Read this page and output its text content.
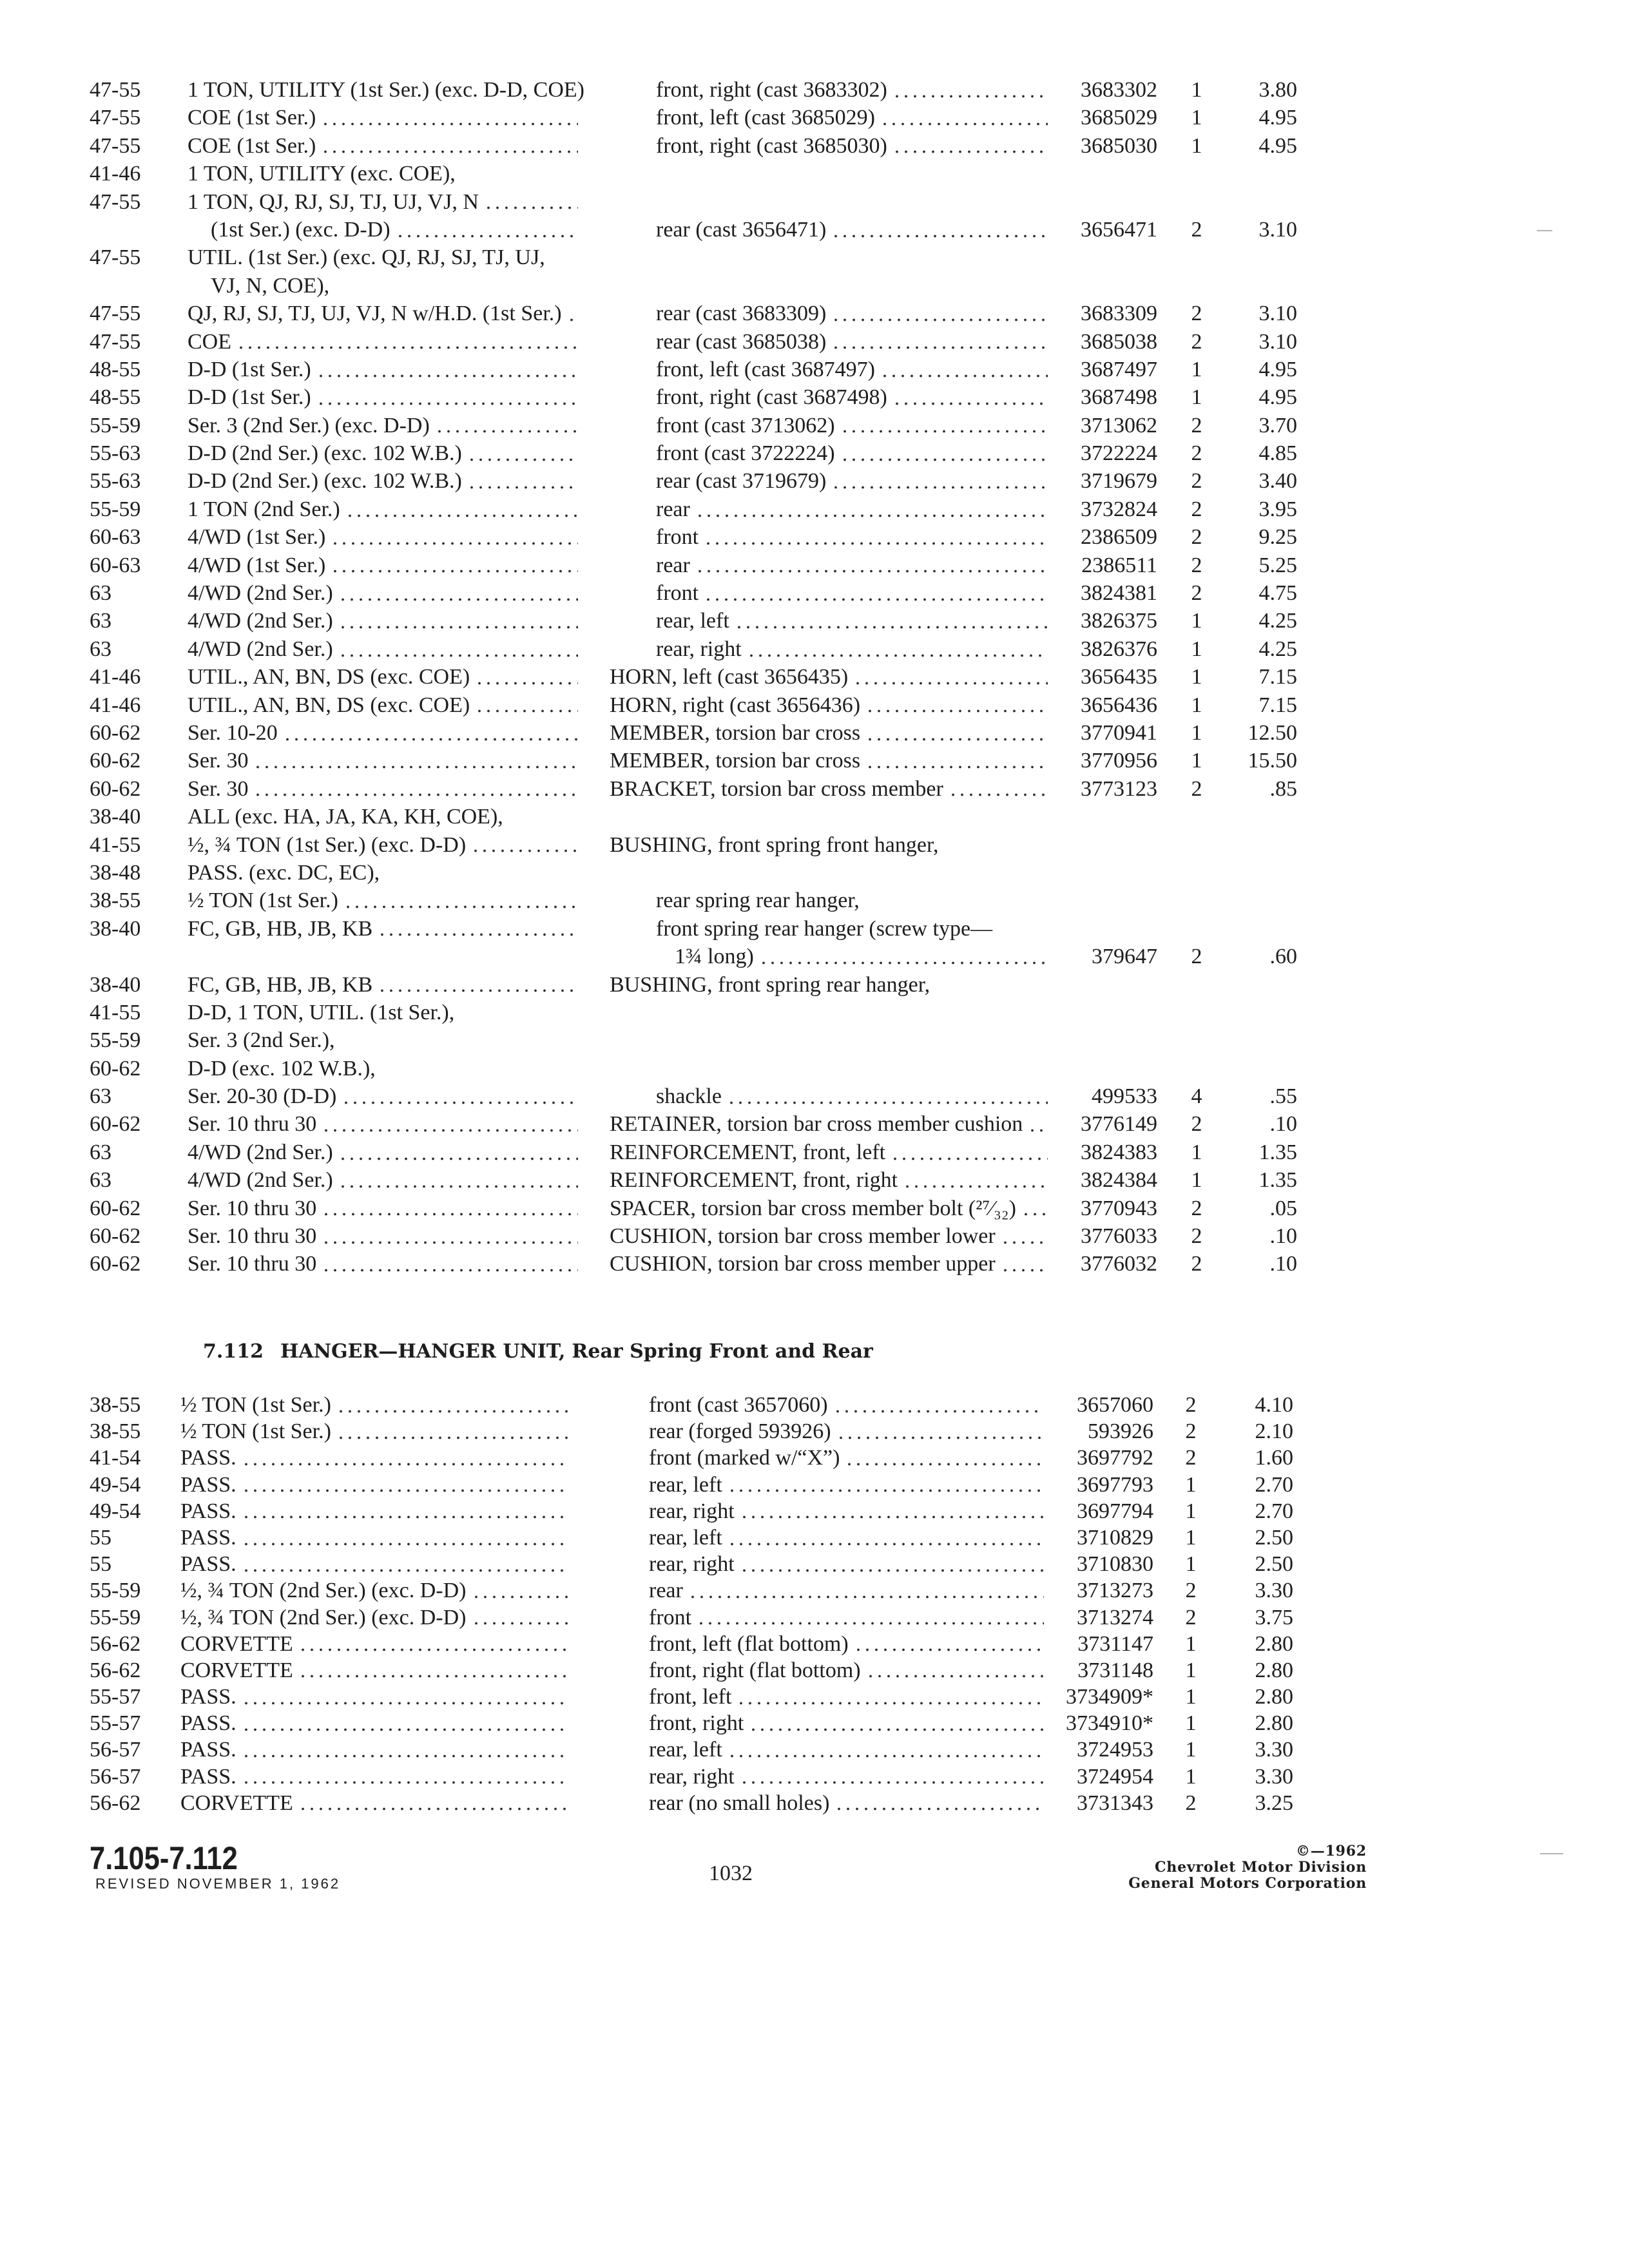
47-55 1 TON, UTILITY (1st Ser.) (exc. D-D, COE)	front, right (cast 3683302)	3683302	1	3.80
47-55 COE (1st Ser.)	front, left (cast 3685029)	3685029	1	4.95
47-55 COE (1st Ser.)	front, right (cast 3685030)	3685030	1	4.95
41-46 1 TON, UTILITY (exc. COE),
47-55 1 TON, QJ, RJ, SJ, TJ, UJ, VJ, N
(1st Ser.) (exc. D-D)	rear (cast 3656471)	3656471	2	3.10
47-55 UTIL. (1st Ser.) (exc. QJ, RJ, SJ, TJ, UJ,
VJ, N, COE),
47-55 QJ, RJ, SJ, TJ, UJ, VJ, N w/H.D. (1st Ser.)	rear (cast 3683309)	3683309	2	3.10
47-55 COE	rear (cast 3685038)	3685038	2	3.10
48-55 D-D (1st Ser.)	front, left (cast 3687497)	3687497	1	4.95
48-55 D-D (1st Ser.)	front, right (cast 3687498)	3687498	1	4.95
55-59 Ser. 3 (2nd Ser.) (exc. D-D)	front (cast 3713062)	3713062	2	3.70
55-63 D-D (2nd Ser.) (exc. 102 W.B.)	front (cast 3722224)	3722224	2	4.85
55-63 D-D (2nd Ser.) (exc. 102 W.B.)	rear (cast 3719679)	3719679	2	3.40
55-59 1 TON (2nd Ser.)	rear	3732824	2	3.95
60-63 4/WD (1st Ser.)	front	2386509	2	9.25
60-63 4/WD (1st Ser.)	rear	2386511	2	5.25
63	4/WD (2nd Ser.)	front	3824381	2	4.75
63	4/WD (2nd Ser.)	rear, left	3826375	1	4.25
63	4/WD (2nd Ser.)	rear, right	3826376	1	4.25
41-46 UTIL., AN, BN, DS (exc. COE)	HORN, left (cast 3656435)	3656435	1	7.15
41-46 UTIL., AN, BN, DS (exc. COE)	HORN, right (cast 3656436)	3656436	1	7.15
60-62 Ser. 10-20	MEMBER, torsion bar cross	3770941	1	12.50
60-62 Ser. 30	MEMBER, torsion bar cross	3770956	1	15.50
60-62 Ser. 30	BRACKET, torsion bar cross member	3773123	2	.85
38-40 ALL (exc. HA, JA, KA, KH, COE),
41-55 ½, ¾ TON (1st Ser.) (exc. D-D)	BUSHING, front spring front hanger,
38-48 PASS. (exc. DC, EC),
38-55 ½ TON (1st Ser.)	rear spring rear hanger,
38-40 FC, GB, HB, JB, KB	front spring rear hanger (screw type—
1¾ long)	379647	2	.60
38-40 FC, GB, HB, JB, KB	BUSHING, front spring rear hanger,
41-55 D-D, 1 TON, UTIL. (1st Ser.),
55-59 Ser. 3 (2nd Ser.),
60-62 D-D (exc. 102 W.B.),
63	Ser. 20-30 (D-D)	shackle	499533	4	.55
60-62 Ser. 10 thru 30	RETAINER, torsion bar cross member cushion	3776149	2	.10
63	4/WD (2nd Ser.)	REINFORCEMENT, front, left	3824383	1	1.35
63	4/WD (2nd Ser.)	REINFORCEMENT, front, right	3824384	1	1.35
60-62 Ser. 10 thru 30	SPACER, torsion bar cross member bolt (²⁷⁄₃₂)	3770943	2	.05
60-62 Ser. 10 thru 30	CUSHION, torsion bar cross member lower	3776033	2	.10
60-62 Ser. 10 thru 30	CUSHION, torsion bar cross member upper	3776032	2	.10
7.112 HANGER—HANGER UNIT, Rear Spring Front and Rear
38-55 ½ TON (1st Ser.)	front (cast 3657060)	3657060	2	4.10
38-55 ½ TON (1st Ser.)	rear (forged 593926)	593926	2	2.10
41-54 PASS.	front (marked w/“X”)	3697792	2	1.60
49-54 PASS.	rear, left	3697793	1	2.70
49-54 PASS.	rear, right	3697794	1	2.70
55	PASS.	rear, left	3710829	1	2.50
55	PASS.	rear, right	3710830	1	2.50
55-59 ½, ¾ TON (2nd Ser.) (exc. D-D)	rear	3713273	2	3.30
55-59 ½, ¾ TON (2nd Ser.) (exc. D-D)	front	3713274	2	3.75
56-62 CORVETTE	front, left (flat bottom)	3731147	1	2.80
56-62 CORVETTE	front, right (flat bottom)	3731148	1	2.80
55-57 PASS.	front, left	3734909*	1	2.80
55-57 PASS.	front, right	3734910*	1	2.80
56-57 PASS.	rear, left	3724953	1	3.30
56-57 PASS.	rear, right	3724954	1	3.30
56-62 CORVETTE	rear (no small holes)	3731343	2	3.25
7.105-7.112
REVISED NOVEMBER 1, 1962	1032
©—1962
Chevrolet Motor Division
General Motors Corporation
